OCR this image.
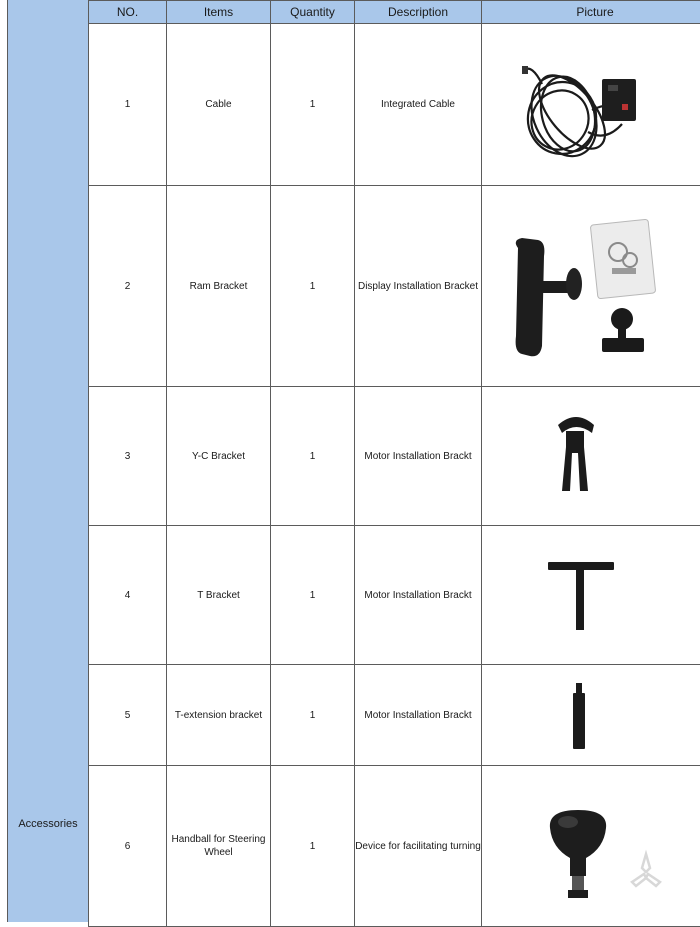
Accessories
NO.	Items	Quantity	Description	Picture
1	Cable	1	Integrated Cable	

2	Ram Bracket	1	Display Installation Bracket	

3	Y-C Bracket	1	Motor Installation Brackt	

4	T Bracket	1	Motor Installation Brackt	

5	T-extension bracket	1	Motor Installation Brackt	

6	Handball for Steering Wheel	1	Device for facilitating turning	
